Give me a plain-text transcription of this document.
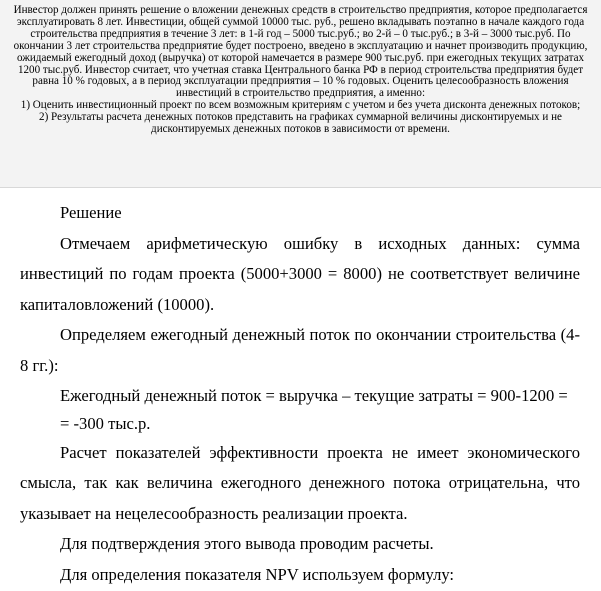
Инвестор должен принять решение о вложении денежных средств в строительство предприятия, которое предполагается эксплуатировать 8 лет. Инвестиции, общей суммой 10000 тыс. руб., решено вкладывать поэтапно в начале каждого года строительства предприятия в течение 3 лет: в 1-й год – 5000 тыс.руб.; во 2-й – 0 тыс.руб.; в 3-й – 3000 тыс.руб. По окончании 3 лет строительства предприятие будет построено, введено в эксплуатацию и начнет производить продукцию, ожидаемый ежегодный доход (выручка) от которой намечается в размере 900 тыс.руб. при ежегодных текущих затратах 1200 тыс.руб. Инвестор считает, что учетная ставка Центрального банка РФ в период строительства предприятия будет равна 10 % годовых, а в период эксплуатации предприятия – 10 % годовых. Оценить целесообразность вложения инвестиций в строительство предприятия, а именно:

1) Оценить инвестиционный проект по всем возможным критериям с учетом и без учета дисконта денежных потоков;

2) Результаты расчета денежных потоков представить на графиках суммарной величины дисконтируемых и не дисконтируемых денежных потоков в зависимости от времени.

Решение

Отмечаем арифметическую ошибку в исходных данных: сумма инвестиций по годам проекта (5000+3000 = 8000) не соответствует величине капиталовложений (10000).

Определяем ежегодный денежный поток по окончании строительства (4-8 гг.):

Ежегодный денежный поток = выручка – текущие затраты = 900-1200 =

= -300 тыс.р.

Расчет показателей эффективности проекта не имеет экономического смысла, так как величина ежегодного денежного потока отрицательна, что указывает на нецелесообразность реализации проекта.

Для подтверждения этого вывода проводим расчеты.

Для определения показателя NPV используем формулу:
